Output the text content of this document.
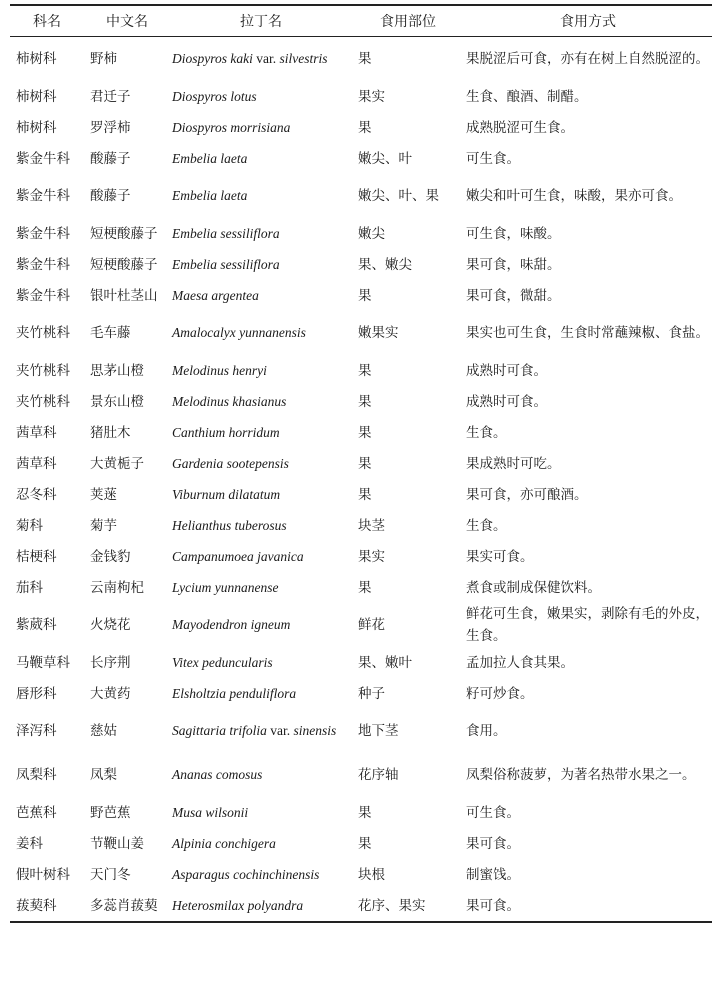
科名	中文名	拉丁名	食用部位	食用方式
柿树科	野柿	Diospyros kaki var. silvestris	果	果脱涩后可食，亦有在树上自然脱涩的。
柿树科	君迁子	Diospyros lotus	果实	生食、酿酒、制醋。
柿树科	罗浮柿	Diospyros morrisiana	果	成熟脱涩可生食。
紫金牛科	酸藤子	Embelia laeta	嫩尖、叶	可生食。
紫金牛科	酸藤子	Embelia laeta	嫩尖、叶、果	嫩尖和叶可生食，味酸，果亦可食。
紫金牛科	短梗酸藤子	Embelia sessiliflora	嫩尖	可生食，味酸。
紫金牛科	短梗酸藤子	Embelia sessiliflora	果、嫩尖	果可食，味甜。
紫金牛科	银叶杜茎山	Maesa argentea	果	果可食，微甜。
夹竹桃科	毛车藤	Amalocalyx yunnanensis	嫩果实	果实也可生食，生食时常蘸辣椒、食盐。
夹竹桃科	思茅山橙	Melodinus henryi	果	成熟时可食。
夹竹桃科	景东山橙	Melodinus khasianus	果	成熟时可食。
茜草科	猪肚木	Canthium horridum	果	生食。
茜草科	大黄栀子	Gardenia sootepensis	果	果成熟时可吃。
忍冬科	荚蒾	Viburnum dilatatum	果	果可食，亦可酿酒。
菊科	菊芋	Helianthus tuberosus	块茎	生食。
桔梗科	金钱豹	Campanumoea javanica	果实	果实可食。
茄科	云南枸杞	Lycium yunnanense	果	煮食或制成保健饮料。
紫葳科	火烧花	Mayodendron igneum	鲜花	鲜花可生食，嫩果实，剥除有毛的外皮，生食。
马鞭草科	长序荆	Vitex peduncularis	果、嫩叶	孟加拉人食其果。
唇形科	大黄药	Elsholtzia penduliflora	种子	籽可炒食。
泽泻科	慈姑	Sagittaria trifolia var. sinensis	地下茎	食用。
凤梨科	凤梨	Ananas comosus	花序轴	凤梨俗称菠萝，为著名热带水果之一。
芭蕉科	野芭蕉	Musa wilsonii	果	可生食。
姜科	节鞭山姜	Alpinia conchigera	果	果可食。
假叶树科	天门冬	Asparagus cochinchinensis	块根	制蜜饯。
菝葜科	多蕊肖菝葜	Heterosmilax polyandra	花序、果实	果可食。
